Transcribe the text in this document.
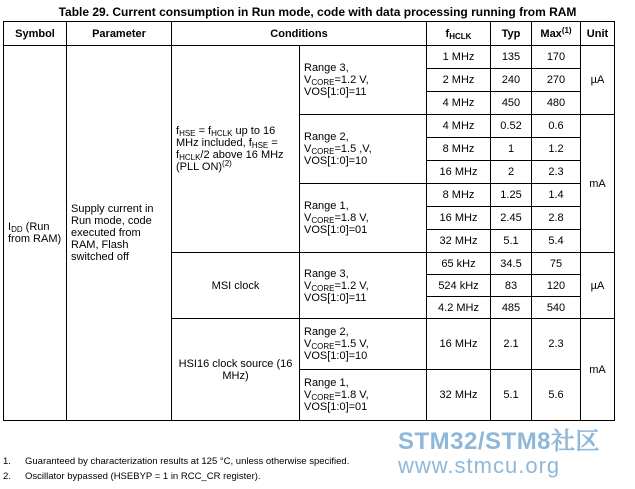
Table 29. Current consumption in Run mode, code with data processing running from RAM
Symbol	Parameter	Conditions		$f_{HCLK}$	Typ	Max$^{(1)}$	Unit
$I_{DD}$ (Run from RAM)	Supply current in Run mode, code executed from RAM, Flash switched off	$f_{HSE} = f_{HCLK}$ up to 16 MHz included, $f_{HSE} = f_{HCLK}/2$ above 16 MHz (PLL ON)$^{(2)}$	Range 3,
$V_{CORE}=1.2$ V,
VOS[1:0]=11	1 MHz	135	170	µA
				2 MHz	240	270	
				4 MHz	450	480	
			Range 2,
$V_{CORE}=1.5$ ,V,
VOS[1:0]=10	4 MHz	0.52	0.6	mA
				8 MHz	1	1.2	
				16 MHz	2	2.3	
			Range 1,
$V_{CORE}=1.8$ V,
VOS[1:0]=01	8 MHz	1.25	1.4	
				16 MHz	2.45	2.8	
				32 MHz	5.1	5.4	
		MSI clock	Range 3,
$V_{CORE}=1.2$ V,
VOS[1:0]=11	65 kHz	34.5	75	µA
				524 kHz	83	120	
				4.2 MHz	485	540	
		HSI16 clock source (16 MHz)	Range 2,
$V_{CORE}=1.5$ V,
VOS[1:0]=10	16 MHz	2.1	2.3	mA
			Range 1,
$V_{CORE}=1.8$ V,
VOS[1:0]=01	32 MHz	5.1	5.6	
1. Guaranteed by characterization results at 125 °C, unless otherwise specified.
2. Oscillator bypassed (HSEBYP = 1 in RCC_CR register).
STM32/STM8社区
www.stmcu.org
